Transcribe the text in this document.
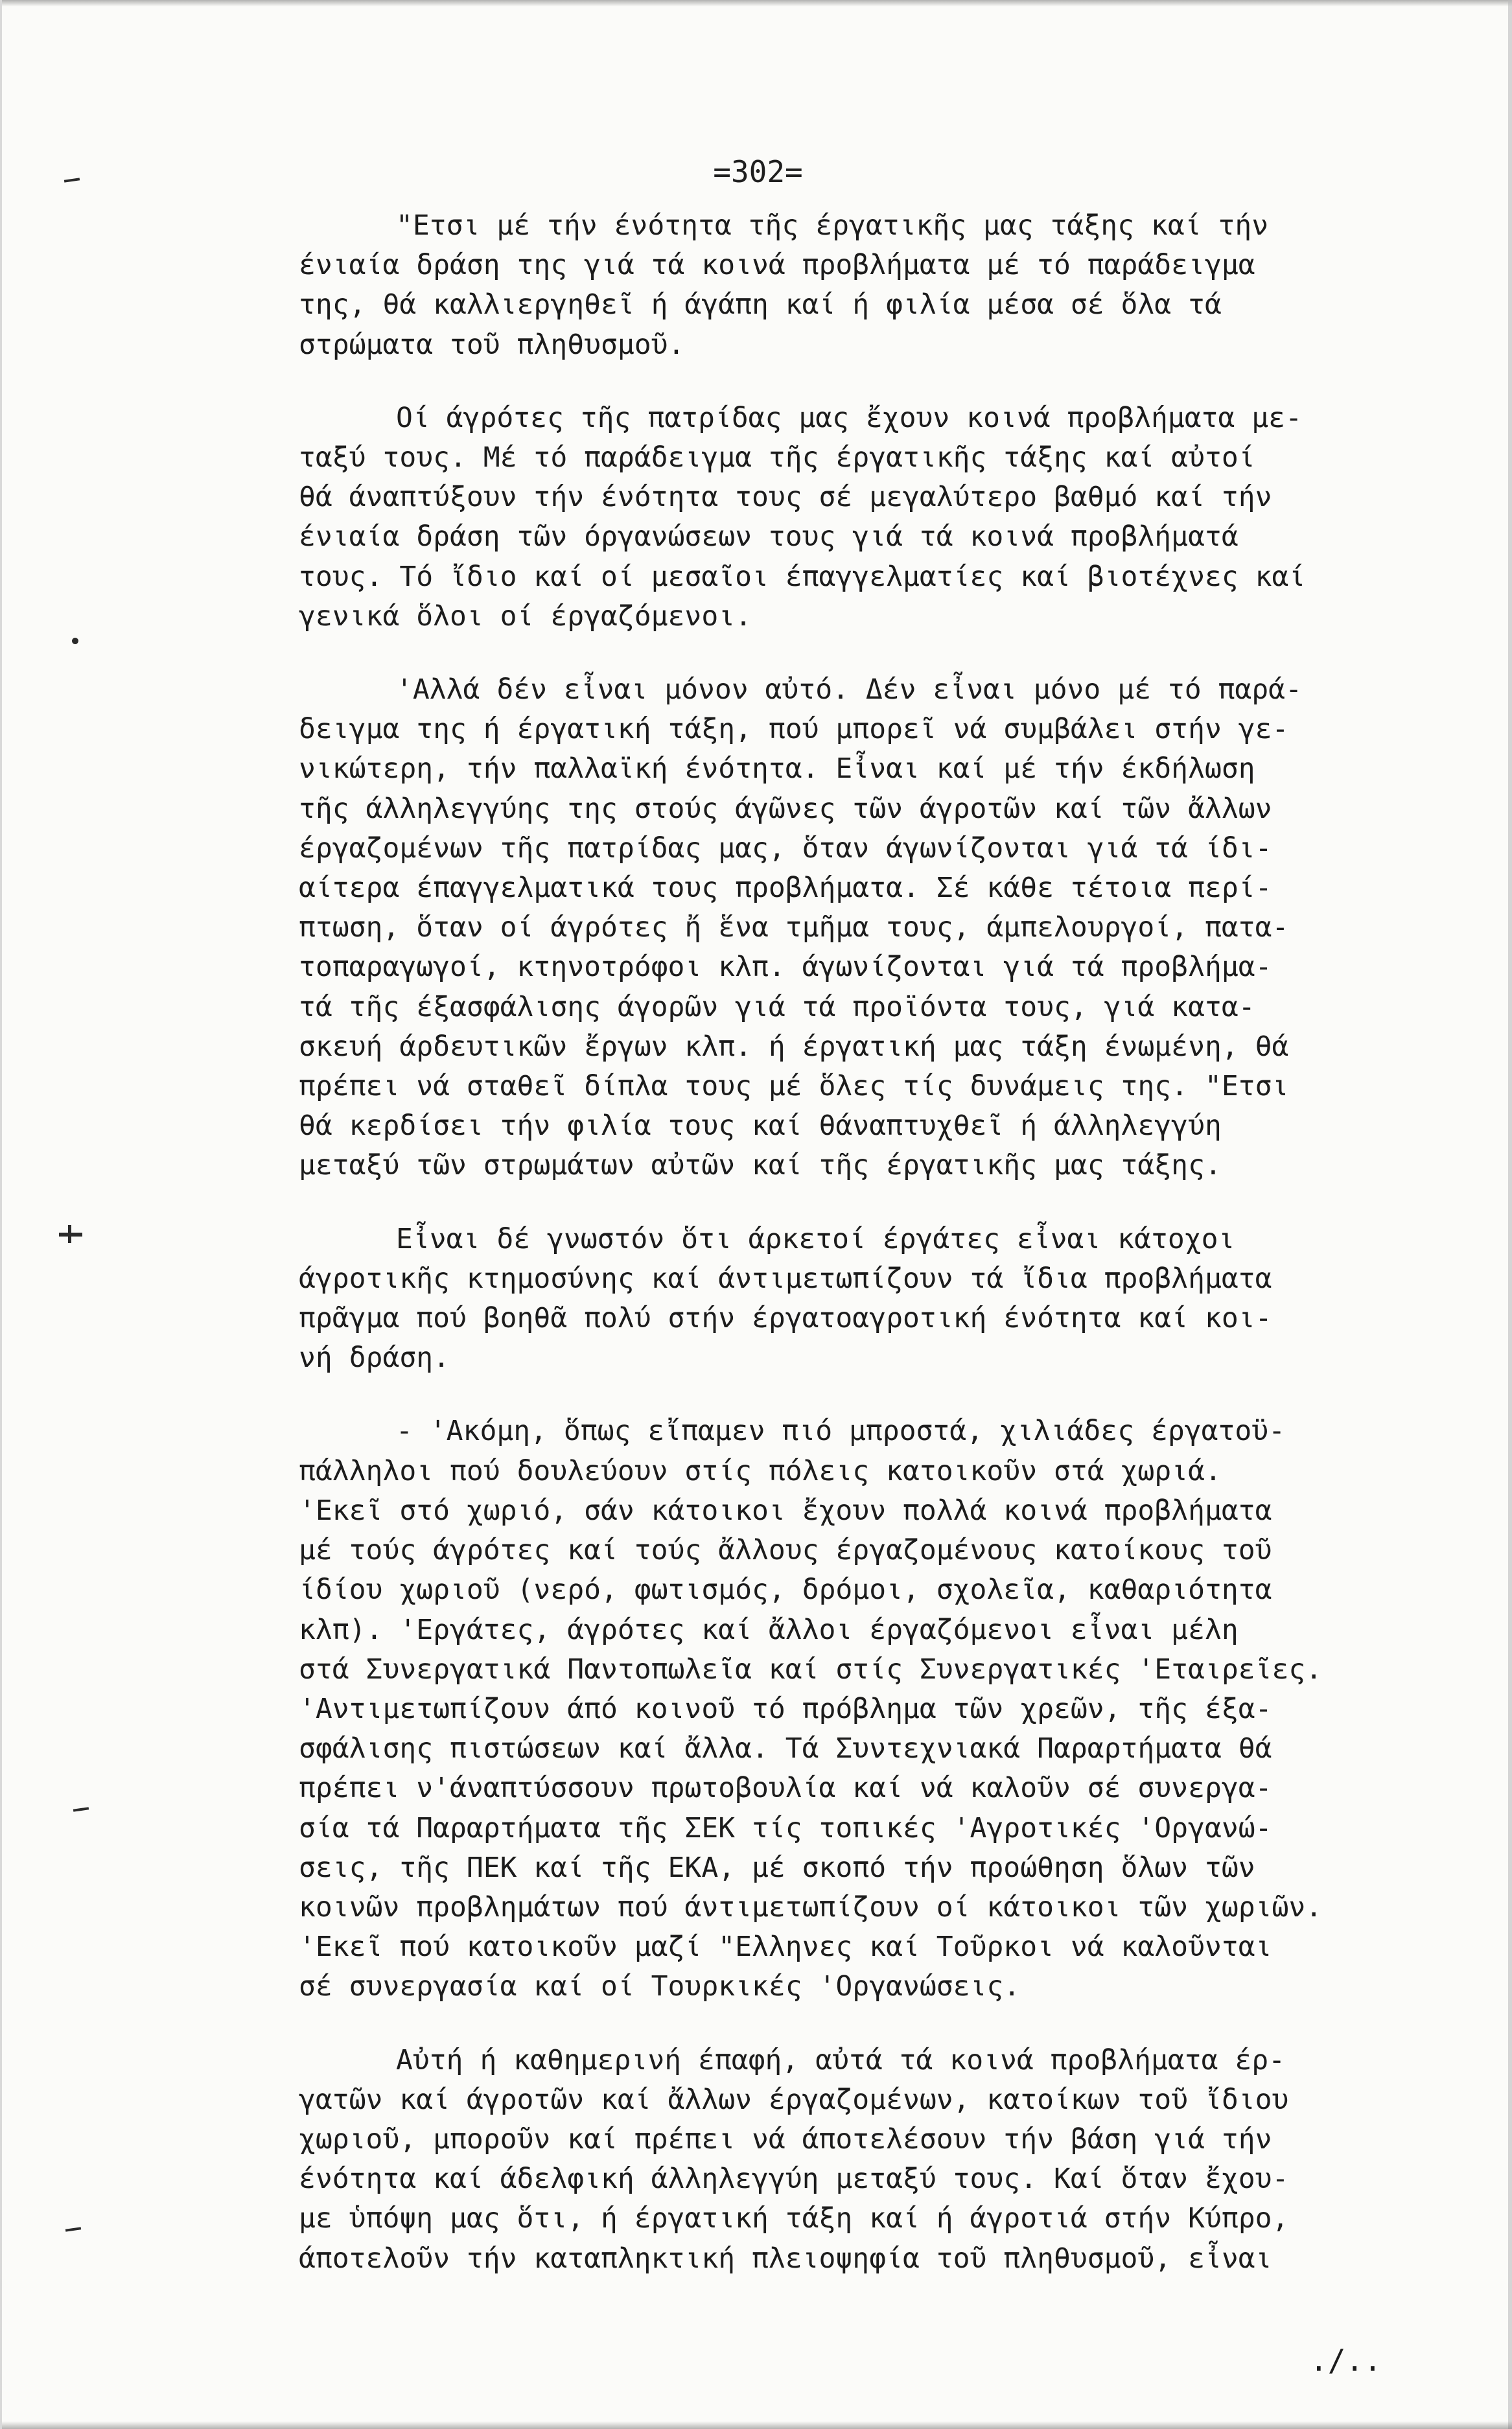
=302=

"Ετσι μέ τήν ένότητα τῆς έργατικῆς μας τάξης καί τήν
ένιαία δράση της γιά τά κοινά προβλήματα μέ τό παράδειγμα
της, θά καλλιεργηθεῖ ή άγάπη καί ή φιλία μέσα σέ ὅλα τά
στρώματα τοῦ πληθυσμοῦ.
Οί άγρότες τῆς πατρίδας μας ἔχουν κοινά προβλήματα με-
ταξύ τους. Μέ τό παράδειγμα τῆς έργατικῆς τάξης καί αὐτοί
θά άναπτύξουν τήν ένότητα τους σέ μεγαλύτερο βαθμό καί τήν
ένιαία δράση τῶν όργανώσεων τους γιά τά κοινά προβλήματά
τους. Τό ἴδιο καί οί μεσαῖοι έπαγγελματίες καί βιοτέχνες καί
γενικά ὅλοι οί έργαζόμενοι.
'Αλλά δέν εἶναι μόνον αὐτό. Δέν εἶναι μόνο μέ τό παρά-
δειγμα της ή έργατική τάξη, πού μπορεῖ νά συμβάλει στήν γε-
νικώτερη, τήν παλλαϊκή ένότητα. Εἶναι καί μέ τήν έκδήλωση
τῆς άλληλεγγύης της στούς άγῶνες τῶν άγροτῶν καί τῶν ἄλλων
έργαζομένων τῆς πατρίδας μας, ὅταν άγωνίζονται γιά τά ίδι-
αίτερα έπαγγελματικά τους προβλήματα. Σέ κάθε τέτοια περί-
πτωση, ὅταν οί άγρότες ἤ ἕνα τμῆμα τους, άμπελουργοί, πατα-
τοπαραγωγοί, κτηνοτρόφοι κλπ. άγωνίζονται γιά τά προβλήμα-
τά τῆς έξασφάλισης άγορῶν γιά τά προϊόντα τους, γιά κατα-
σκευή άρδευτικῶν ἔργων κλπ. ή έργατική μας τάξη ένωμένη, θά
πρέπει νά σταθεῖ δίπλα τους μέ ὅλες τίς δυνάμεις της. "Ετσι
θά κερδίσει τήν φιλία τους καί θάναπτυχθεῖ ή άλληλεγγύη
μεταξύ τῶν στρωμάτων αὐτῶν καί τῆς έργατικῆς μας τάξης.
Εἶναι δέ γνωστόν ὅτι άρκετοί έργάτες εἶναι κάτοχοι
άγροτικῆς κτημοσύνης καί άντιμετωπίζουν τά ἴδια προβλήματα
πρᾶγμα πού βοηθᾶ πολύ στήν έργατοαγροτική ένότητα καί κοι-
νή δράση.
- 'Ακόμη, ὅπως εἴπαμεν πιό μπροστά, χιλιάδες έργατοϋ-
πάλληλοι πού δουλεύουν στίς πόλεις κατοικοῦν στά χωριά.
'Εκεῖ στό χωριό, σάν κάτοικοι ἔχουν πολλά κοινά προβλήματα
μέ τούς άγρότες καί τούς ἄλλους έργαζομένους κατοίκους τοῦ
ίδίου χωριοῦ (νερό, φωτισμός, δρόμοι, σχολεῖα, καθαριότητα
κλπ). 'Εργάτες, άγρότες καί ἄλλοι έργαζόμενοι εἶναι μέλη
στά Συνεργατικά Παντοπωλεῖα καί στίς Συνεργατικές 'Εταιρεῖες.
'Αντιμετωπίζουν άπό κοινοῦ τό πρόβλημα τῶν χρεῶν, τῆς έξα-
σφάλισης πιστώσεων καί ἄλλα. Τά Συντεχνιακά Παραρτήματα θά
πρέπει ν'άναπτύσσουν πρωτοβουλία καί νά καλοῦν σέ συνεργα-
σία τά Παραρτήματα τῆς ΣΕΚ τίς τοπικές 'Αγροτικές 'Οργανώ-
σεις, τῆς ΠΕΚ καί τῆς ΕΚΑ, μέ σκοπό τήν προώθηση ὅλων τῶν
κοινῶν προβλημάτων πού άντιμετωπίζουν οί κάτοικοι τῶν χωριῶν.
'Εκεῖ πού κατοικοῦν μαζί "Ελληνες καί Τοῦρκοι νά καλοῦνται
σέ συνεργασία καί οί Τουρκικές 'Οργανώσεις.
Αὐτή ή καθημερινή έπαφή, αὐτά τά κοινά προβλήματα έρ-
γατῶν καί άγροτῶν καί ἄλλων έργαζομένων, κατοίκων τοῦ ἴδιου
χωριοῦ, μποροῦν καί πρέπει νά άποτελέσουν τήν βάση γιά τήν
ένότητα καί άδελφική άλληλεγγύη μεταξύ τους. Καί ὅταν ἔχου-
με ὑπόψη μας ὅτι, ή έργατική τάξη καί ή άγροτιά στήν Κύπρο,
άποτελοῦν τήν καταπληκτική πλειοψηφία τοῦ πληθυσμοῦ, εἶναι

./..
